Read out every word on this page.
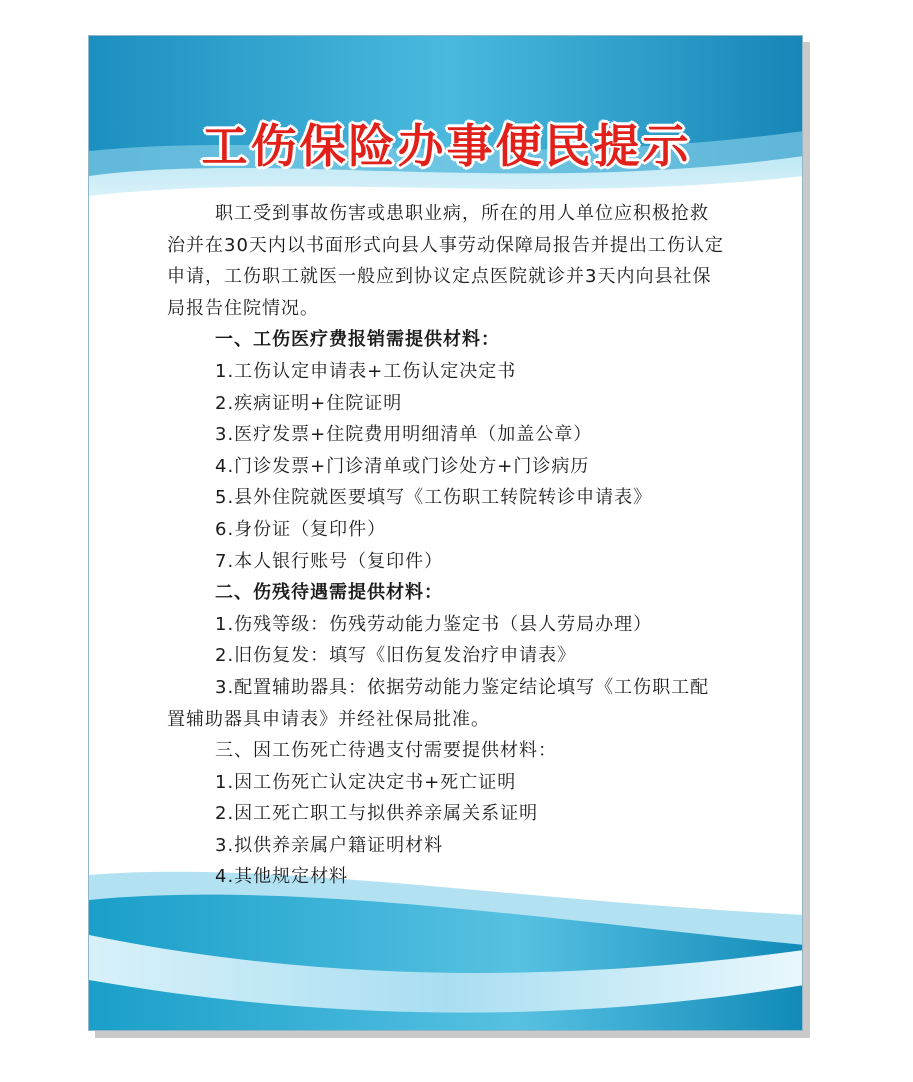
工伤保险办事便民提示

职工受到事故伤害或患职业病，所在的用人单位应积极抢救治并在30天内以书面形式向县人事劳动保障局报告并提出工伤认定申请，工伤职工就医一般应到协议定点医院就诊并3天内向县社保局报告住院情况。

一、工伤医疗费报销需提供材料：

1.工伤认定申请表+工伤认定决定书

2.疾病证明+住院证明

3.医疗发票+住院费用明细清单（加盖公章）

4.门诊发票+门诊清单或门诊处方+门诊病历

5.县外住院就医要填写《工伤职工转院转诊申请表》

6.身份证（复印件）

7.本人银行账号（复印件）

二、伤残待遇需提供材料：

1.伤残等级：伤残劳动能力鉴定书（县人劳局办理）

2.旧伤复发：填写《旧伤复发治疗申请表》

3.配置辅助器具：依据劳动能力鉴定结论填写《工伤职工配置辅助器具申请表》并经社保局批准。

三、因工伤死亡待遇支付需要提供材料：

1.因工伤死亡认定决定书+死亡证明

2.因工死亡职工与拟供养亲属关系证明

3.拟供养亲属户籍证明材料

4.其他规定材料
